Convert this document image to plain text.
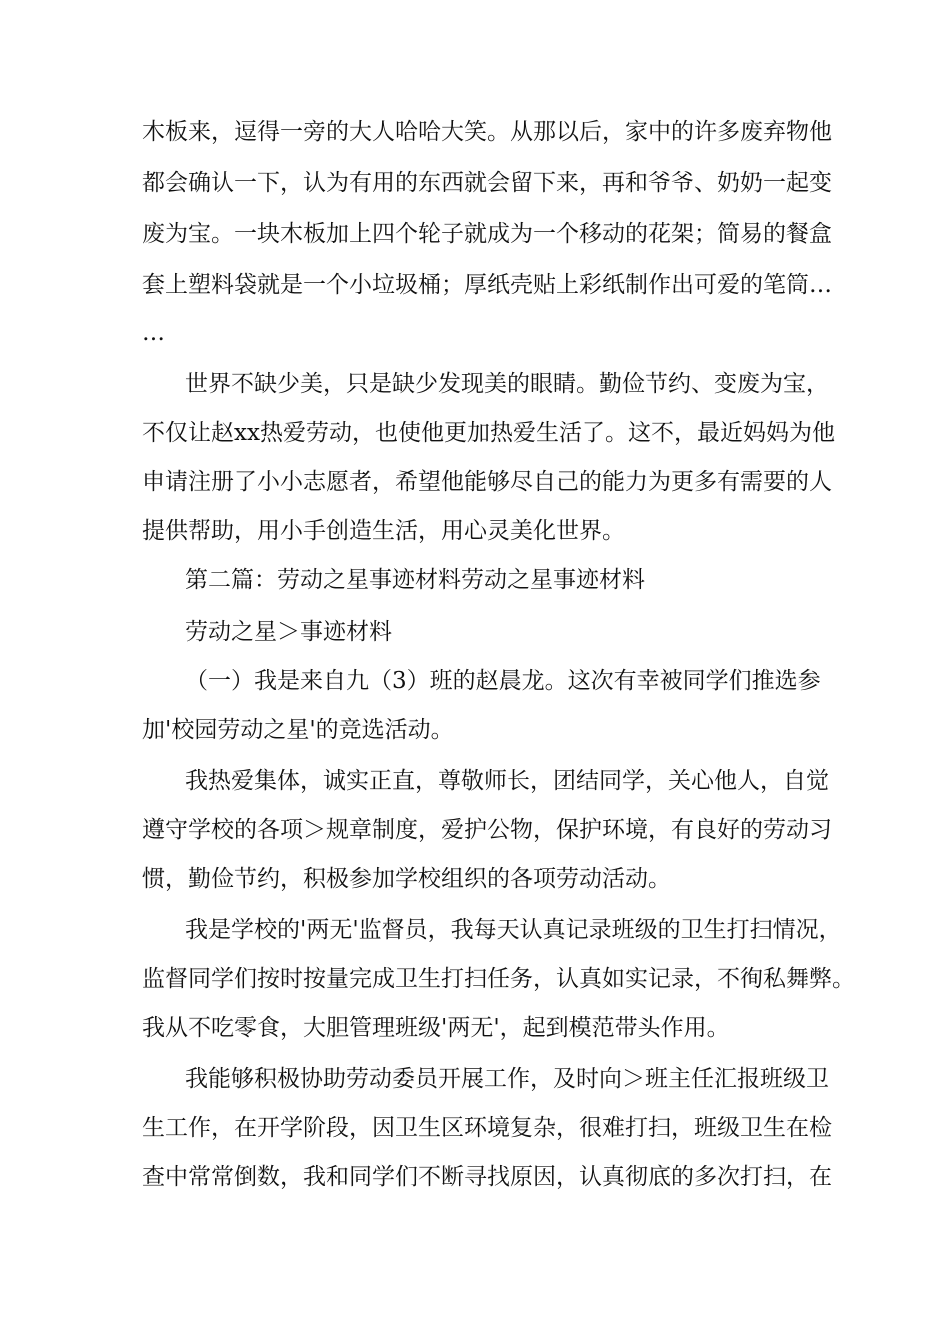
木板来，逗得一旁的大人哈哈大笑。从那以后，家中的许多废弃物他

都会确认一下，认为有用的东西就会留下来，再和爷爷、奶奶一起变

废为宝。一块木板加上四个轮子就成为一个移动的花架；简易的餐盒

套上塑料袋就是一个小垃圾桶；厚纸壳贴上彩纸制作出可爱的笔筒…

…

世界不缺少美，只是缺少发现美的眼睛。勤俭节约、变废为宝，

不仅让赵xx热爱劳动，也使他更加热爱生活了。这不，最近妈妈为他

申请注册了小小志愿者，希望他能够尽自己的能力为更多有需要的人

提供帮助，用小手创造生活，用心灵美化世界。

第二篇：劳动之星事迹材料劳动之星事迹材料

劳动之星＞事迹材料

（一）我是来自九（3）班的赵晨龙。这次有幸被同学们推选参

加'校园劳动之星'的竞选活动。

我热爱集体，诚实正直，尊敬师长，团结同学，关心他人，自觉

遵守学校的各项＞规章制度，爱护公物，保护环境，有良好的劳动习

惯，勤俭节约，积极参加学校组织的各项劳动活动。

我是学校的'两无'监督员，我每天认真记录班级的卫生打扫情况，

监督同学们按时按量完成卫生打扫任务，认真如实记录，不徇私舞弊。

我从不吃零食，大胆管理班级'两无'，起到模范带头作用。

我能够积极协助劳动委员开展工作，及时向＞班主任汇报班级卫

生工作，在开学阶段，因卫生区环境复杂，很难打扫，班级卫生在检

查中常常倒数，我和同学们不断寻找原因，认真彻底的多次打扫，在
